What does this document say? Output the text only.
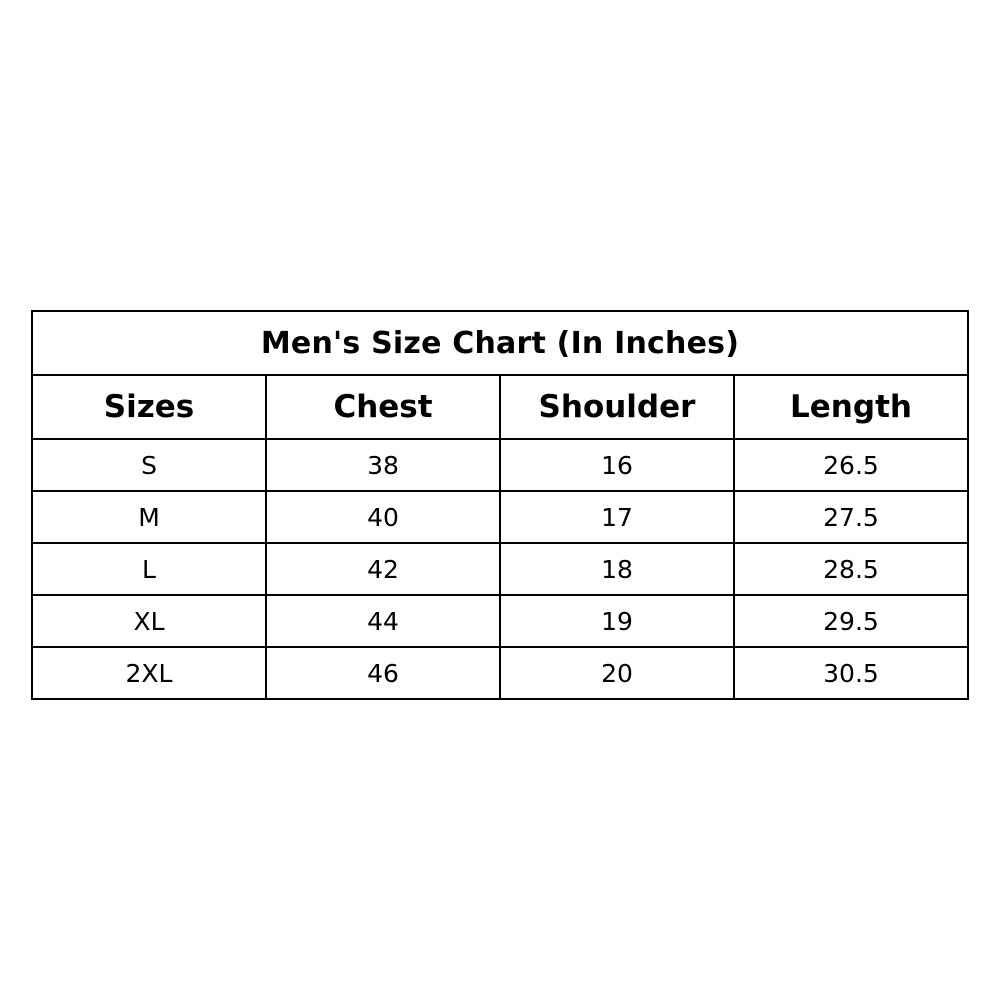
Men's Size Chart (In Inches)			
Sizes	Chest	Shoulder	Length
S	38	16	26.5
M	40	17	27.5
L	42	18	28.5
XL	44	19	29.5
2XL	46	20	30.5
